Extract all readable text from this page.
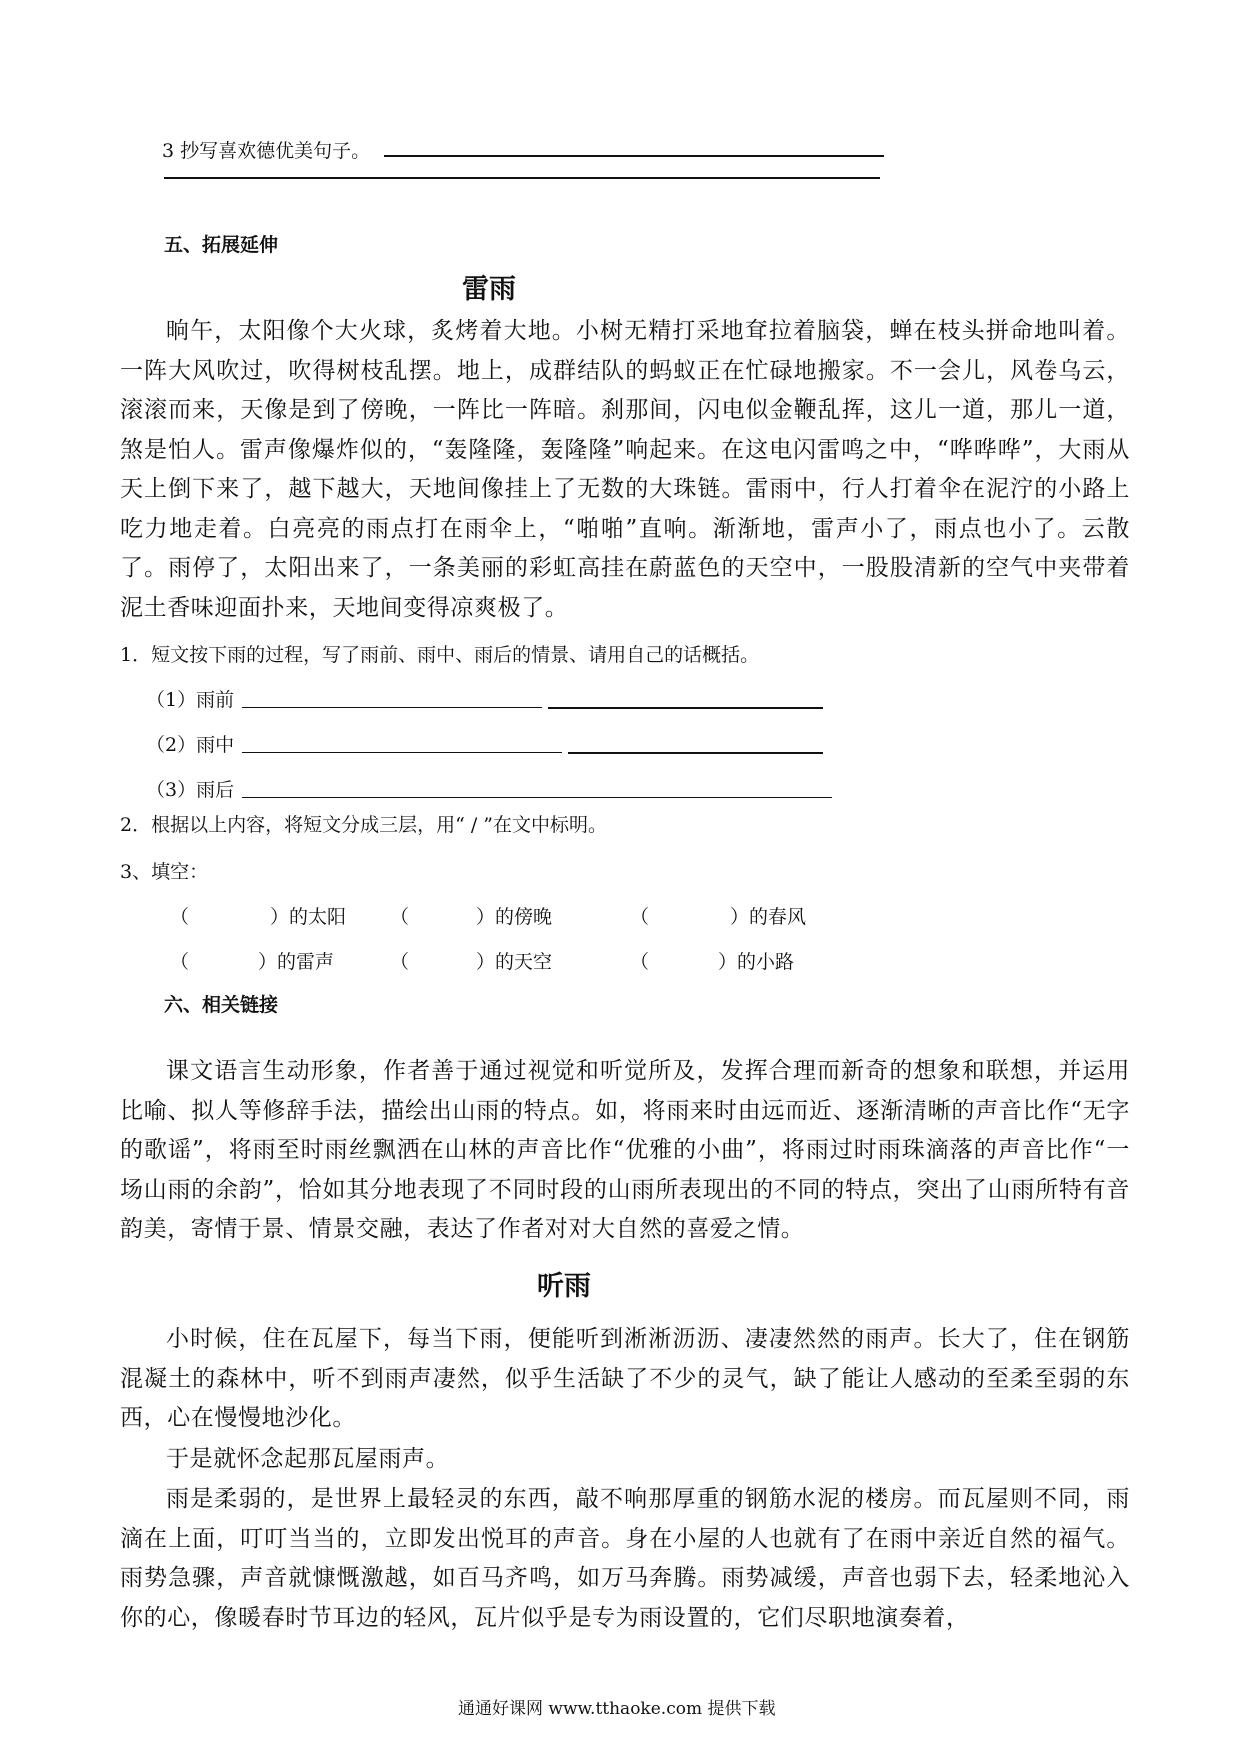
3 抄写喜欢德优美句子。
五、拓展延伸
雷雨

晌午，太阳像个大火球，炙烤着大地。小树无精打采地耷拉着脑袋，蝉在枝头拼命地叫着。一阵大风吹过，吹得树枝乱摆。地上，成群结队的蚂蚁正在忙碌地搬家。不一会儿，风卷乌云，滚滚而来，天像是到了傍晚，一阵比一阵暗。刹那间，闪电似金鞭乱挥，这儿一道，那儿一道，煞是怕人。雷声像爆炸似的，“轰隆隆，轰隆隆”响起来。在这电闪雷鸣之中，“哗哗哗”，大雨从天上倒下来了，越下越大，天地间像挂上了无数的大珠链。雷雨中，行人打着伞在泥泞的小路上吃力地走着。白亮亮的雨点打在雨伞上，“啪啪”直响。渐渐地，雷声小了，雨点也小了。云散了。雨停了，太阳出来了，一条美丽的彩虹高挂在蔚蓝色的天空中，一股股清新的空气中夹带着泥土香味迎面扑来，天地间变得凉爽极了。

1．短文按下雨的过程，写了雨前、雨中、雨后的情景、请用自己的话概括。
（1）雨前
（2）雨中
（3）雨后
2．根据以上内容，将短文分成三层，用“ / ”在文中标明。
3、填空：
（	）的太阳 （	）的傍晚	（	）的春风
（	）的雷声	（	）的天空	（	）的小路
六、相关链接

课文语言生动形象，作者善于通过视觉和听觉所及，发挥合理而新奇的想象和联想，并运用比喻、拟人等修辞手法，描绘出山雨的特点。如，将雨来时由远而近、逐渐清晰的声音比作“无字的歌谣”，将雨至时雨丝飘洒在山林的声音比作“优雅的小曲”，将雨过时雨珠滴落的声音比作“一场山雨的余韵”，恰如其分地表现了不同时段的山雨所表现出的不同的特点，突出了山雨所特有音韵美，寄情于景、情景交融，表达了作者对对大自然的喜爱之情。

听雨

小时候，住在瓦屋下，每当下雨，便能听到淅淅沥沥、凄凄然然的雨声。长大了，住在钢筋混凝土的森林中，听不到雨声凄然，似乎生活缺了不少的灵气，缺了能让人感动的至柔至弱的东西，心在慢慢地沙化。

于是就怀念起那瓦屋雨声。

雨是柔弱的，是世界上最轻灵的东西，敲不响那厚重的钢筋水泥的楼房。而瓦屋则不同，雨滴在上面，叮叮当当的，立即发出悦耳的声音。身在小屋的人也就有了在雨中亲近自然的福气。雨势急骤，声音就慷慨激越，如百马齐鸣，如万马奔腾。雨势减缓，声音也弱下去，轻柔地沁入你的心，像暖春时节耳边的轻风，瓦片似乎是专为雨设置的，它们尽职地演奏着，

通通好课网 www.tthaoke.com 提供下载
